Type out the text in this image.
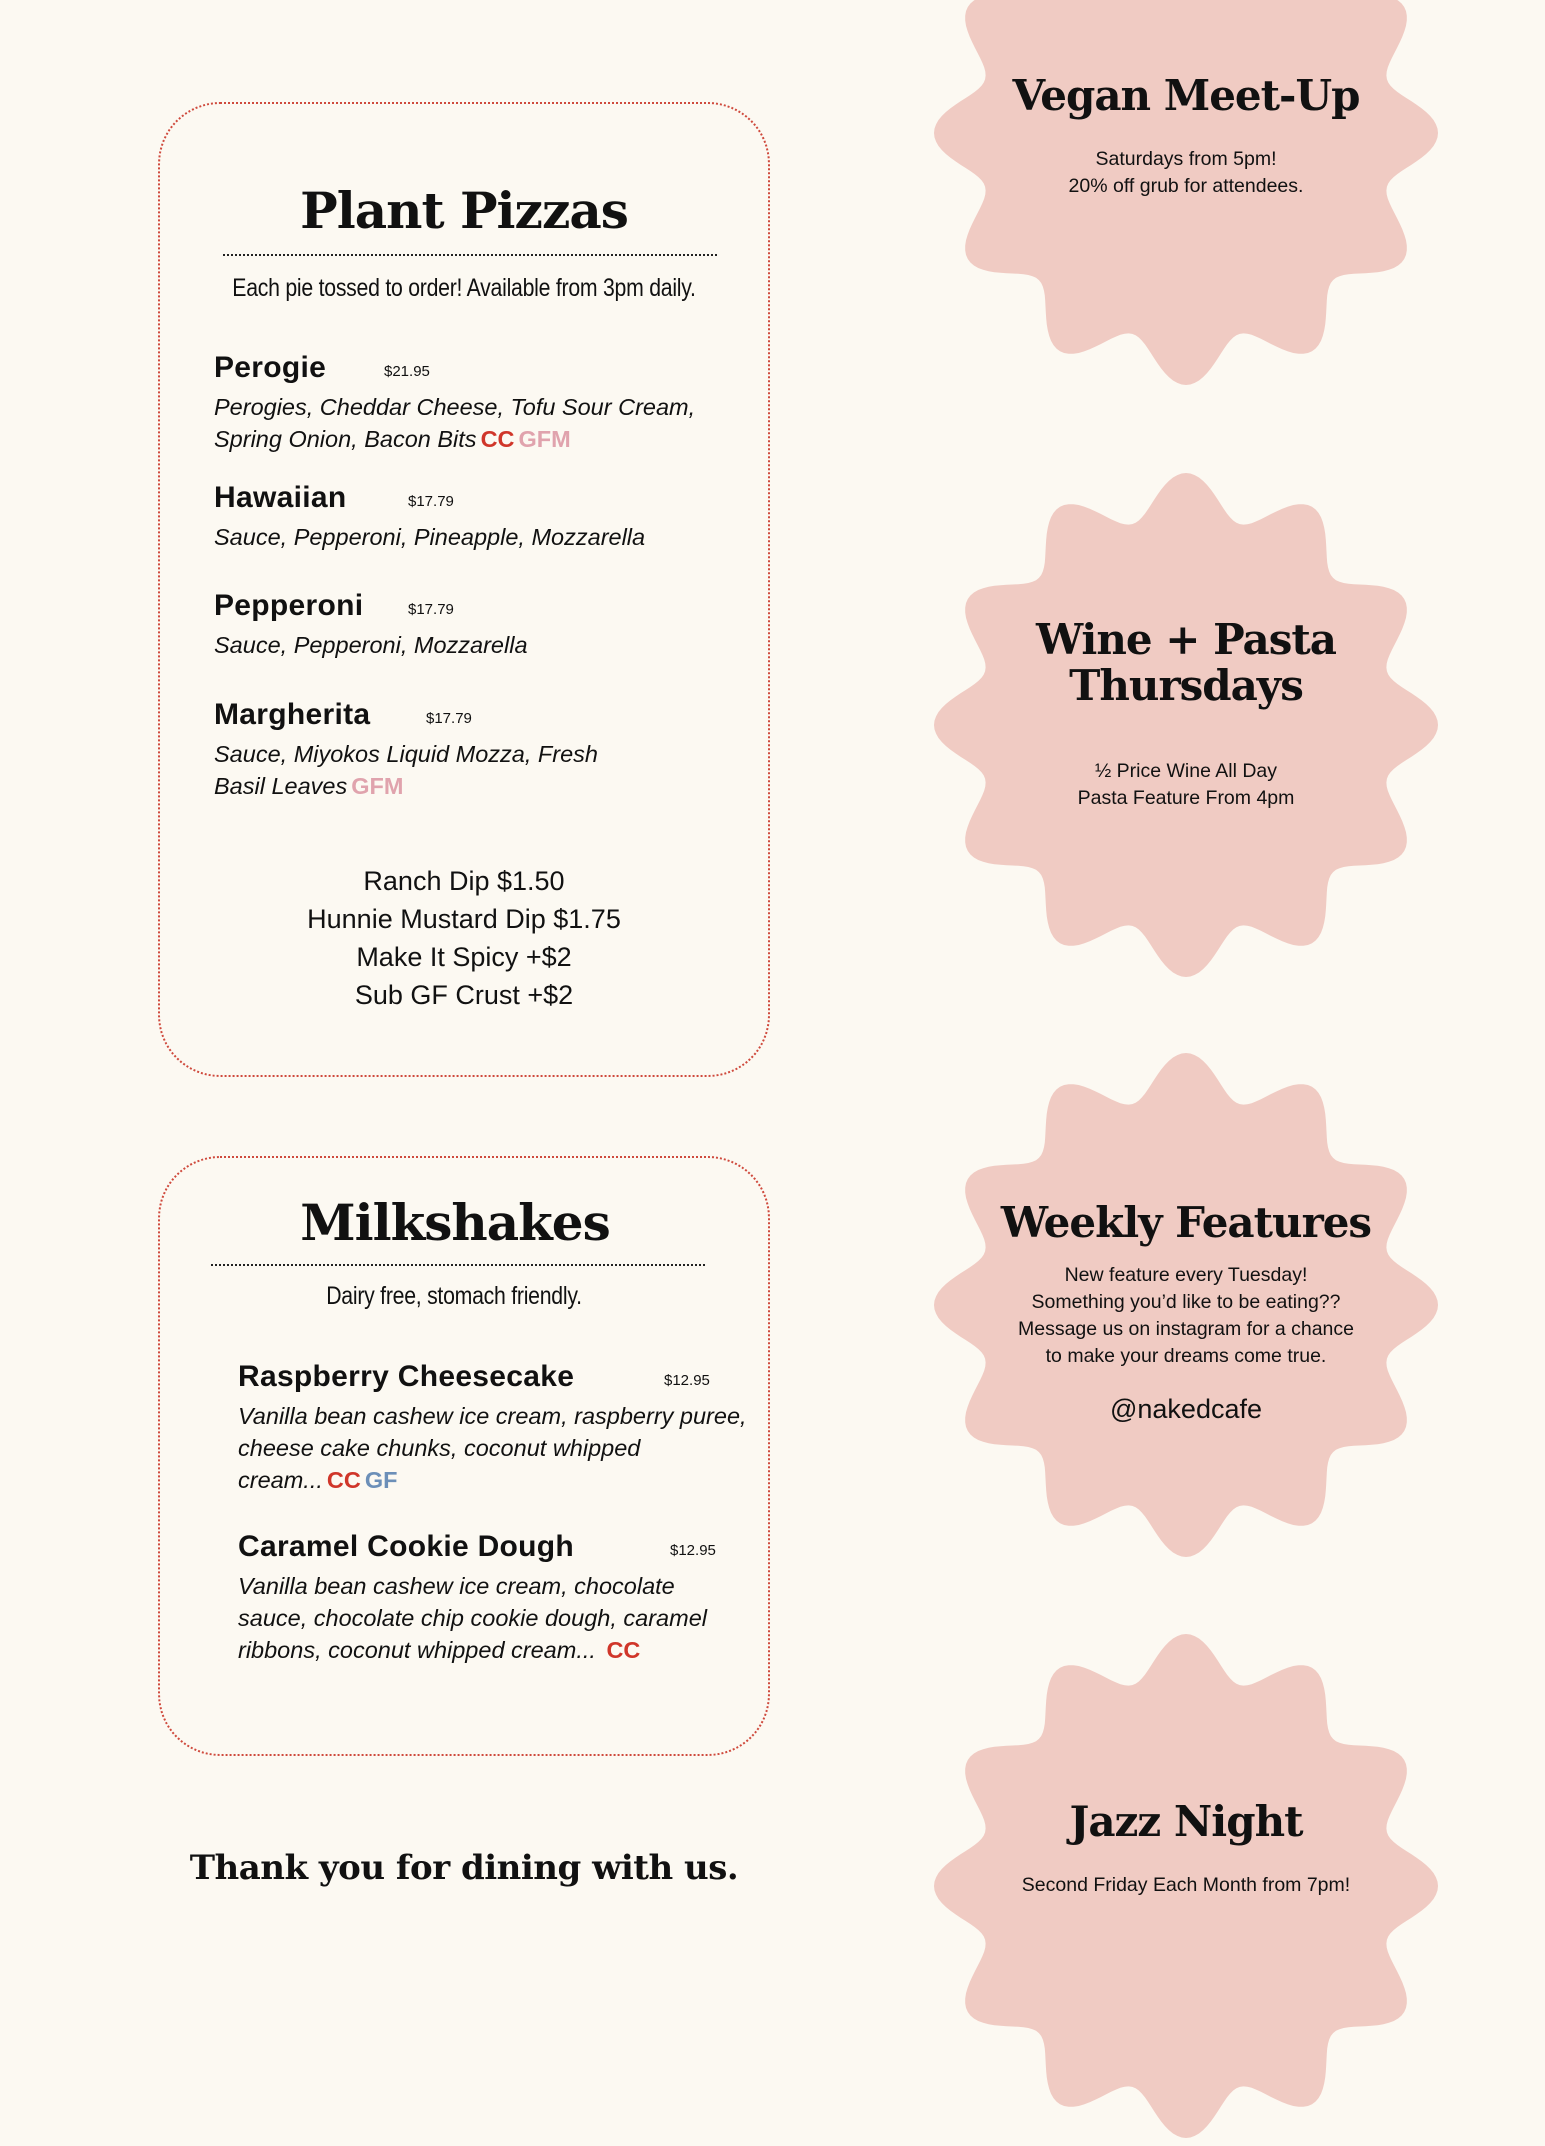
Plant Pizzas
Each pie tossed to order! Available from 3pm daily.
Perogie	$21.95
Perogies, Cheddar Cheese, Tofu Sour Cream, Spring Onion, Bacon Bits CC GFM
Hawaiian	$17.79
Sauce, Pepperoni, Pineapple, Mozzarella
Pepperoni	$17.79
Sauce, Pepperoni, Mozzarella
Margherita	$17.79
Sauce, Miyokos Liquid Mozza, Fresh Basil Leaves GFM
Ranch Dip $1.50
Hunnie Mustard Dip $1.75
Make It Spicy +$2
Sub GF Crust +$2
Milkshakes
Dairy free, stomach friendly.
Raspberry Cheesecake	$12.95
Vanilla bean cashew ice cream, raspberry puree, cheese cake chunks, coconut whipped cream... CC GF
Caramel Cookie Dough	$12.95
Vanilla bean cashew ice cream, chocolate sauce, chocolate chip cookie dough, caramel ribbons, coconut whipped cream... CC
Thank you for dining with us.
Vegan Meet-Up
Saturdays from 5pm!
20% off grub for attendees.
Wine + Pasta
Thursdays
½ Price Wine All Day
Pasta Feature From 4pm
Weekly Features
New feature every Tuesday!
Something you’d like to be eating??
Message us on instagram for a chance
to make your dreams come true.
@nakedcafe
Jazz Night
Second Friday Each Month from 7pm!
